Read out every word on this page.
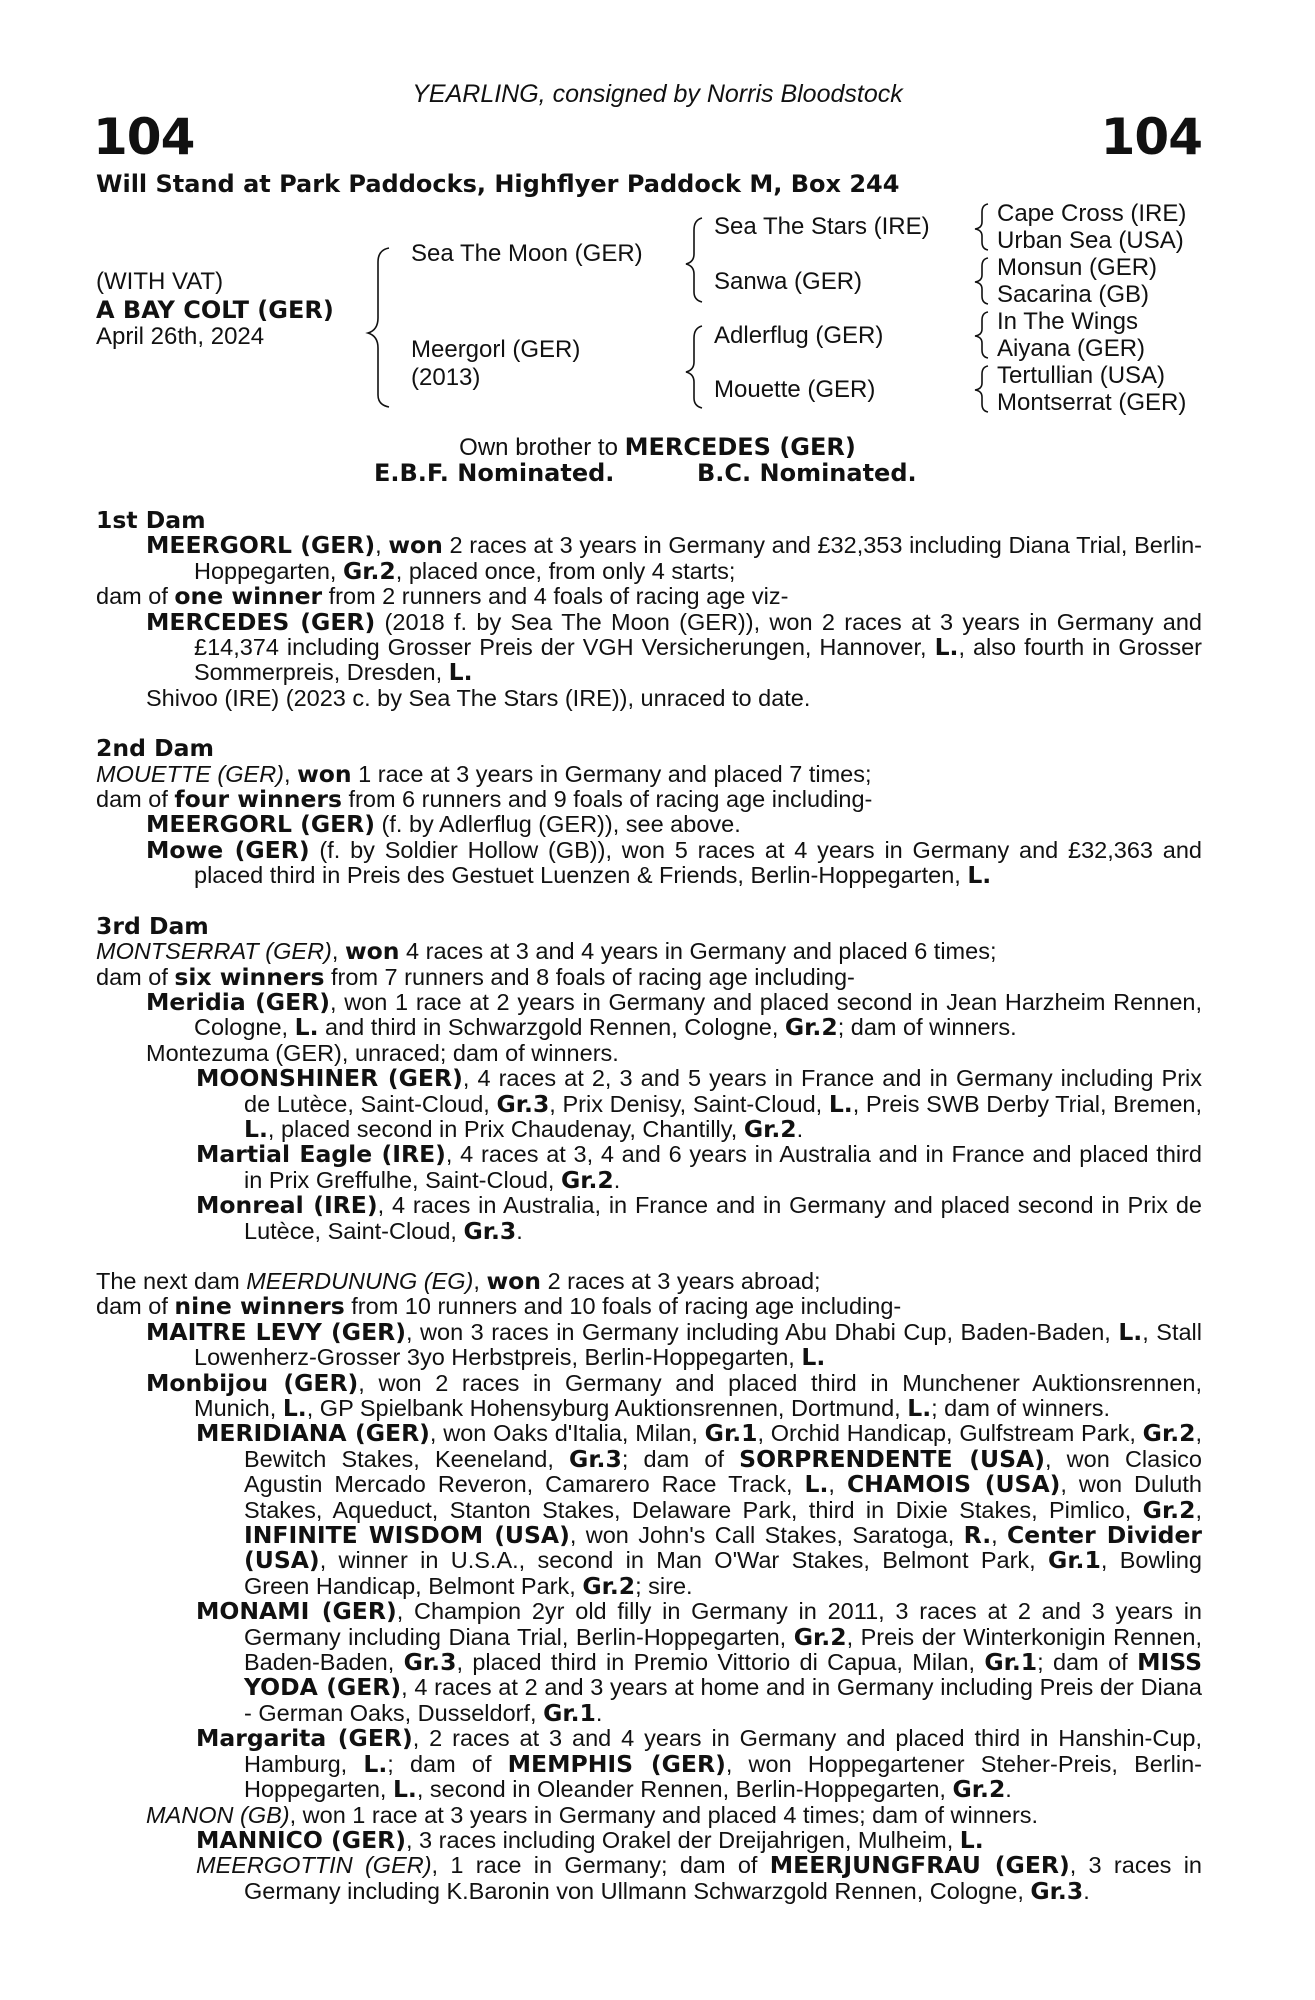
YEARLING, consigned by Norris Bloodstock
104	104
Will Stand at Park Paddocks, Highflyer Paddock M, Box 244
(WITH VAT)
A BAY COLT (GER)
April 26th, 2024
Sea The Moon (GER)
Meergorl (GER)
(2013)
Sea The Stars (IRE)
Sanwa (GER)
Adlerflug (GER)
Mouette (GER)
Cape Cross (IRE)
Urban Sea (USA)
Monsun (GER)
Sacarina (GB)
In The Wings
Aiyana (GER)
Tertullian (USA)
Montserrat (GER)
Own brother to MERCEDES (GER)
E.B.F. Nominated.	B.C. Nominated.

1st Dam

MEERGORL (GER), won 2 races at 3 years in Germany and £32,353 including Diana Trial, Berlin-Hoppegarten, Gr.2, placed once, from only 4 starts;

dam of one winner from 2 runners and 4 foals of racing age viz-

MERCEDES (GER) (2018 f. by Sea The Moon (GER)), won 2 races at 3 years in Germany and £14,374 including Grosser Preis der VGH Versicherungen, Hannover, L., also fourth in Grosser Sommerpreis, Dresden, L.

Shivoo (IRE) (2023 c. by Sea The Stars (IRE)), unraced to date.

2nd Dam

MOUETTE (GER), won 1 race at 3 years in Germany and placed 7 times;

dam of four winners from 6 runners and 9 foals of racing age including-

MEERGORL (GER) (f. by Adlerflug (GER)), see above.

Mowe (GER) (f. by Soldier Hollow (GB)), won 5 races at 4 years in Germany and £32,363 and placed third in Preis des Gestuet Luenzen & Friends, Berlin-Hoppegarten, L.

3rd Dam

MONTSERRAT (GER), won 4 races at 3 and 4 years in Germany and placed 6 times;

dam of six winners from 7 runners and 8 foals of racing age including-

Meridia (GER), won 1 race at 2 years in Germany and placed second in Jean Harzheim Rennen, Cologne, L. and third in Schwarzgold Rennen, Cologne, Gr.2; dam of winners.

Montezuma (GER), unraced; dam of winners.

MOONSHINER (GER), 4 races at 2, 3 and 5 years in France and in Germany including Prix de Lutèce, Saint-Cloud, Gr.3, Prix Denisy, Saint-Cloud, L., Preis SWB Derby Trial, Bremen, L., placed second in Prix Chaudenay, Chantilly, Gr.2.

Martial Eagle (IRE), 4 races at 3, 4 and 6 years in Australia and in France and placed third in Prix Greffulhe, Saint-Cloud, Gr.2.

Monreal (IRE), 4 races in Australia, in France and in Germany and placed second in Prix de Lutèce, Saint-Cloud, Gr.3.

The next dam MEERDUNUNG (EG), won 2 races at 3 years abroad;

dam of nine winners from 10 runners and 10 foals of racing age including-

MAITRE LEVY (GER), won 3 races in Germany including Abu Dhabi Cup, Baden-Baden, L., Stall Lowenherz-Grosser 3yo Herbstpreis, Berlin-Hoppegarten, L.

Monbijou (GER), won 2 races in Germany and placed third in Munchener Auktionsrennen, Munich, L., GP Spielbank Hohensyburg Auktionsrennen, Dortmund, L.; dam of winners.

MERIDIANA (GER), won Oaks d'Italia, Milan, Gr.1, Orchid Handicap, Gulfstream Park, Gr.2, Bewitch Stakes, Keeneland, Gr.3; dam of SORPRENDENTE (USA), won Clasico Agustin Mercado Reveron, Camarero Race Track, L., CHAMOIS (USA), won Duluth Stakes, Aqueduct, Stanton Stakes, Delaware Park, third in Dixie Stakes, Pimlico, Gr.2, INFINITE WISDOM (USA), won John's Call Stakes, Saratoga, R., Center Divider (USA), winner in U.S.A., second in Man O'War Stakes, Belmont Park, Gr.1, Bowling Green Handicap, Belmont Park, Gr.2; sire.

MONAMI (GER), Champion 2yr old filly in Germany in 2011, 3 races at 2 and 3 years in Germany including Diana Trial, Berlin-Hoppegarten, Gr.2, Preis der Winterkonigin Rennen, Baden-Baden, Gr.3, placed third in Premio Vittorio di Capua, Milan, Gr.1; dam of MISS YODA (GER), 4 races at 2 and 3 years at home and in Germany including Preis der Diana - German Oaks, Dusseldorf, Gr.1.

Margarita (GER), 2 races at 3 and 4 years in Germany and placed third in Hanshin-Cup, Hamburg, L.; dam of MEMPHIS (GER), won Hoppegartener Steher-Preis, Berlin-Hoppegarten, L., second in Oleander Rennen, Berlin-Hoppegarten, Gr.2.

MANON (GB), won 1 race at 3 years in Germany and placed 4 times; dam of winners.

MANNICO (GER), 3 races including Orakel der Dreijahrigen, Mulheim, L.

MEERGOTTIN (GER), 1 race in Germany; dam of MEERJUNGFRAU (GER), 3 races in Germany including K.Baronin von Ullmann Schwarzgold Rennen, Cologne, Gr.3.
